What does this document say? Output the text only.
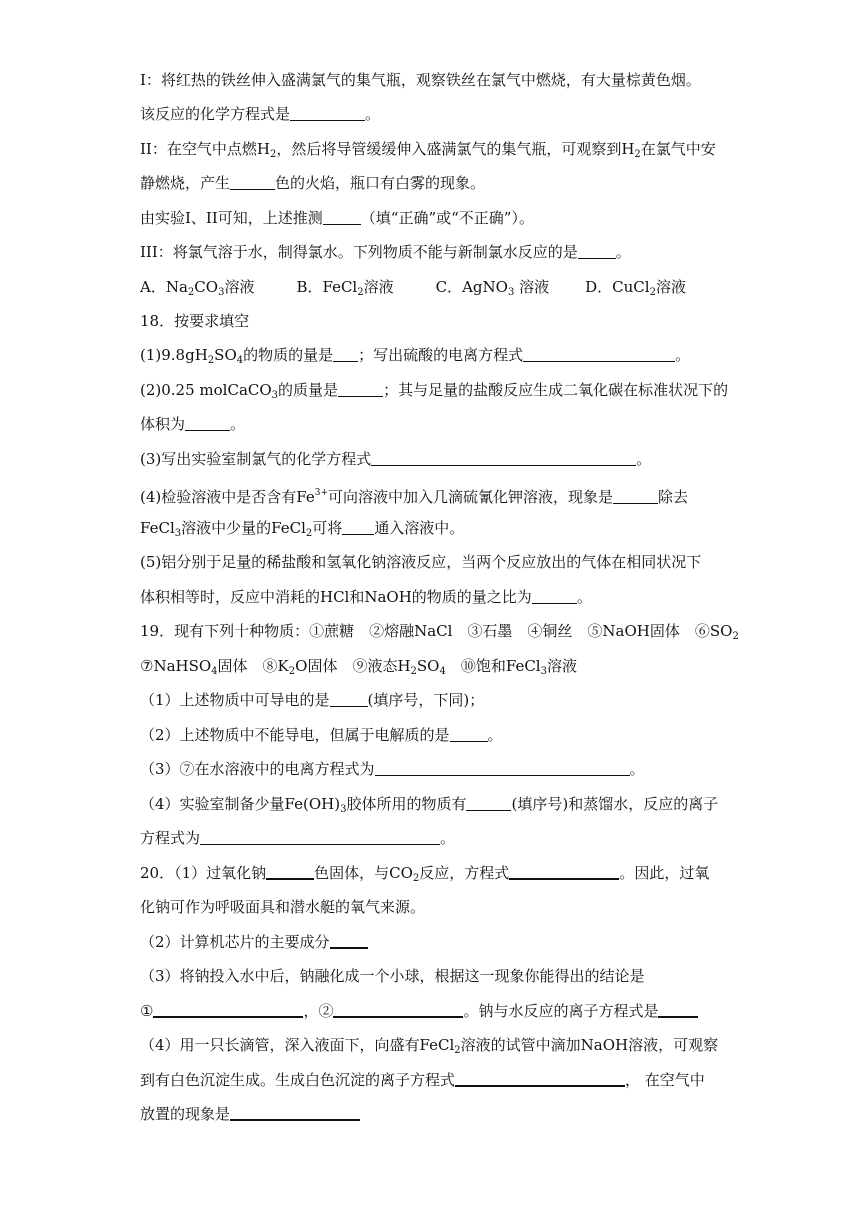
I：将红热的铁丝伸入盛满氯气的集气瓶，观察铁丝在氯气中燃烧，有大量棕黄色烟。
该反应的化学方程式是	。
II：在空气中点燃$H_2$，然后将导管缓缓伸入盛满氯气的集气瓶，可观察到$H_2$在氯气中安
静燃烧，产生	色的火焰，瓶口有白雾的现象。
由实验I、II可知，上述推测	（填“正确”或“不正确”）。
III：将氯气溶于水，制得氯水。下列物质不能与新制氯水反应的是	。
A．$Na_2CO_3$溶液	B．FeCl$_2$溶液	C．AgNO$_3$ 溶液 D．CuCl$_2$溶液
18．按要求填空
$(1)9.8gH_2SO_4$的物质的量是 ；写出硫酸的电离方程式	。
(2)0.25 molCaCO$_3$的质量是	；其与足量的盐酸反应生成二氧化碳在标准状况下的
体积为	。
(3)写出实验室制氯气的化学方程式	。
(4)检验溶液中是否含有$Fe^{3+}$可向溶液中加入几滴硫氰化钾溶液，现象是	除去
FeCl$_3$溶液中少量的FeCl$_2$可将 通入溶液中。
(5)铝分别于足量的稀盐酸和氢氧化钠溶液反应，当两个反应放出的气体在相同状况下
体积相等时，反应中消耗的HCl和NaOH的物质的量之比为	。
19．现有下列十种物质：①蔗糖　②熔融NaCl　③石墨　④铜丝　⑤NaOH固体　$⑥SO_2$
⑦NaHSO$_4$固体　$⑧K_2O$固体　⑨液态$H_2SO_4$　⑩饱和FeCl$_3$溶液
（1）上述物质中可导电的是	(填序号，下同)；
（2）上述物质中不能导电，但属于电解质的是	。
（3）⑦在水溶液中的电离方程式为	。
（4）实验室制备少量$Fe(OH)_3$胶体所用的物质有	(填序号)和蒸馏水，反应的离子
方程式为	。
20．（1）过氧化钠	色固体，与$CO_2$反应，方程式	。因此，过氧
化钠可作为呼吸面具和潜水艇的氧气来源。
（2）计算机芯片的主要成分
（3）将钠投入水中后，钠融化成一个小球，根据这一现象你能得出的结论是
①	，②	。钠与水反应的离子方程式是
（4）用一只长滴管，深入液面下，向盛有FeCl$_2$溶液的试管中滴加NaOH溶液，可观察
到有白色沉淀生成。生成白色沉淀的离子方程式	， 在空气中
放置的现象是
